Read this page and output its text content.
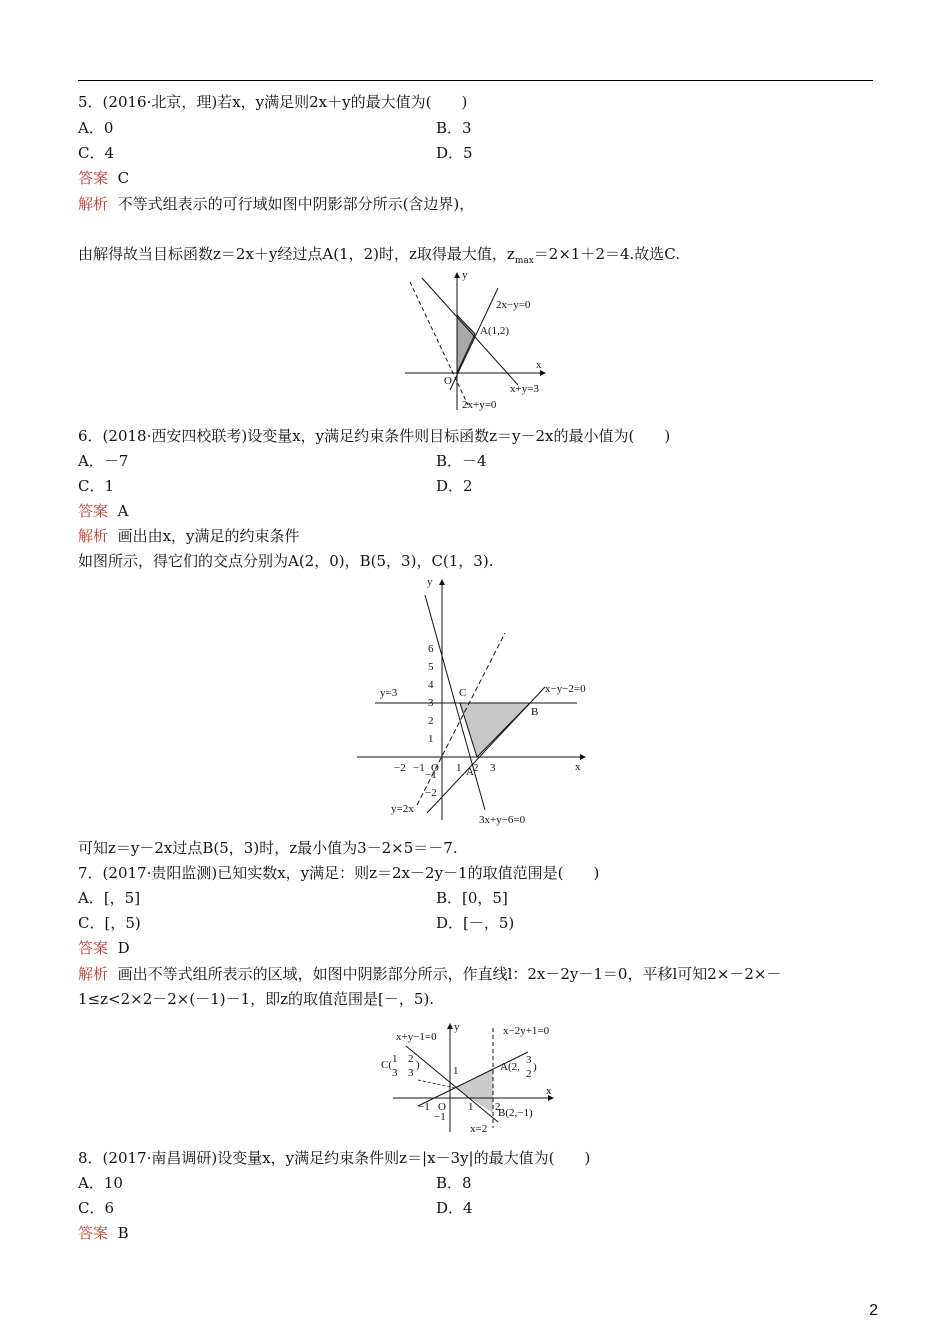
5．(2016·北京，理)若x，y满足则2x＋y的最大值为(　　)
A．0	B．3
C．4	D．5
答案 C
解析 不等式组表示的可行域如图中阴影部分所示(含边界)，
由解得故当目标函数z＝2x＋y经过点A(1，2)时，z取得最大值，$z_{max}=2\times 1+2=4$.故选C.
y
x
O
2x−y=0
A(1,2)
x+y=3
2x+y=0
6．(2018·西安四校联考)设变量x，y满足约束条件则目标函数z＝y－2x的最小值为(　　)
A．－7	B．－4
C．1	D．2
答案 A
解析 画出由x，y满足的约束条件
如图所示，得它们的交点分别为A(2，0)，B(5，3)，C(1，3).
y
x
6
5
4
3
2
1
−1
−2
−2 −1	1 2 3
O
y=3	x−y−2=0
B
C
A
y=2x
3x+y−6=0
可知z＝y－2x过点B(5，3)时，z最小值为3－2×5＝－7.
7．(2017·贵阳监测)已知实数x，y满足：则z＝2x－2y－1的取值范围是(　　)
A．[，5]	B．[0，5]
C．[，5)	D．[－，5)
答案 D
解析 画出不等式组所表示的区域，如图中阴影部分所示，作直线l：2x－2y－1＝0，平移l可知2×－2×－
1≤z<2×2－2×(－1)－1，即z的取值范围是[－，5).
y
x
O
x+y−1=0	x−2y+1=0
C( 1
3
2
3
)	A(2,
3
2
)
B(2,−1)
x=2
1
−1	1 2
−1
8．(2017·南昌调研)设变量x，y满足约束条件则z＝|x－3y|的最大值为(　　)
A．10	B．8
C．6	D．4
答案 B
2
